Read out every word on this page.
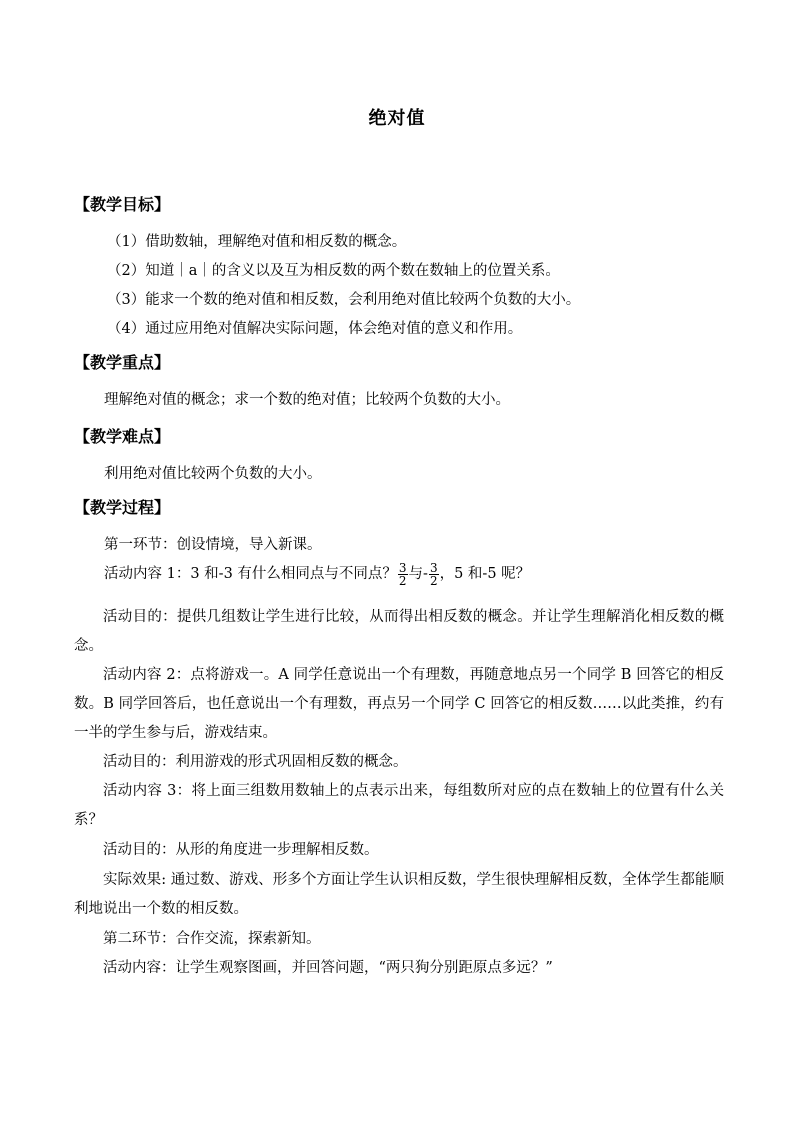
绝对值
【教学目标】
（1）借助数轴，理解绝对值和相反数的概念。
（2）知道｜a｜的含义以及互为相反数的两个数在数轴上的位置关系。
（3）能求一个数的绝对值和相反数，会利用绝对值比较两个负数的大小。
（4）通过应用绝对值解决实际问题，体会绝对值的意义和作用。
【教学重点】
理解绝对值的概念；求一个数的绝对值；比较两个负数的大小。
【教学难点】
利用绝对值比较两个负数的大小。
【教学过程】
第一环节：创设情境，导入新课。
活动内容 1：3 和-3 有什么相同点与不同点？ $\frac{3}{2}$ 与- $\frac{3}{2}$ ，5 和-5 呢？
活动目的：提供几组数让学生进行比较，从而得出相反数的概念。并让学生理解消化相反数的概念。
活动内容 2：点将游戏一。A 同学任意说出一个有理数，再随意地点另一个同学 B 回答它的相反数。B 同学回答后，也任意说出一个有理数，再点另一个同学 C 回答它的相反数……以此类推，约有一半的学生参与后，游戏结束。
活动目的：利用游戏的形式巩固相反数的概念。
活动内容 3：将上面三组数用数轴上的点表示出来，每组数所对应的点在数轴上的位置有什么关系？
活动目的：从形的角度进一步理解相反数。
实际效果: 通过数、游戏、形多个方面让学生认识相反数，学生很快理解相反数，全体学生都能顺利地说出一个数的相反数。
第二环节：合作交流，探索新知。
活动内容：让学生观察图画，并回答问题，“两只狗分别距原点多远？”
